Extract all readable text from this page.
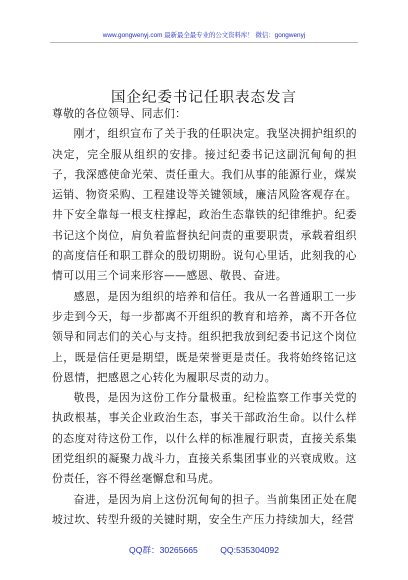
www.gongwenyj.com 最新最全最专业的公文资料库！ 微信：gongwenyj
国企纪委书记任职表态发言

尊敬的各位领导、同志们：

刚才，组织宣布了关于我的任职决定。我坚决拥护组织的决定，完全服从组织的安排。接过纪委书记这副沉甸甸的担子，我深感使命光荣、责任重大。我们从事的能源行业，煤炭运销、物资采购、工程建设等关键领域，廉洁风险客观存在。井下安全靠每一根支柱撑起，政治生态靠铁的纪律维护。纪委书记这个岗位，肩负着监督执纪问责的重要职责，承载着组织的高度信任和职工群众的殷切期盼。说句心里话，此刻我的心情可以用三个词来形容——感恩、敬畏、奋进。

感恩，是因为组织的培养和信任。我从一名普通职工一步步走到今天，每一步都离不开组织的教育和培养，离不开各位领导和同志们的关心与支持。组织把我放到纪委书记这个岗位上，既是信任更是期望，既是荣誉更是责任。我将始终铭记这份恩情，把感恩之心转化为履职尽责的动力。

敬畏，是因为这份工作分量极重。纪检监察工作事关党的执政根基，事关企业政治生态，事关干部政治生命。以什么样的态度对待这份工作，以什么样的标准履行职责，直接关系集团党组织的凝聚力战斗力，直接关系集团事业的兴衰成败。这份责任，容不得丝毫懈怠和马虎。

奋进，是因为肩上这份沉甸甸的担子。当前集团正处在爬坡过坎、转型升级的关键时期，安全生产压力持续加大，经营

QQ群：30265665	QQ:535304092
